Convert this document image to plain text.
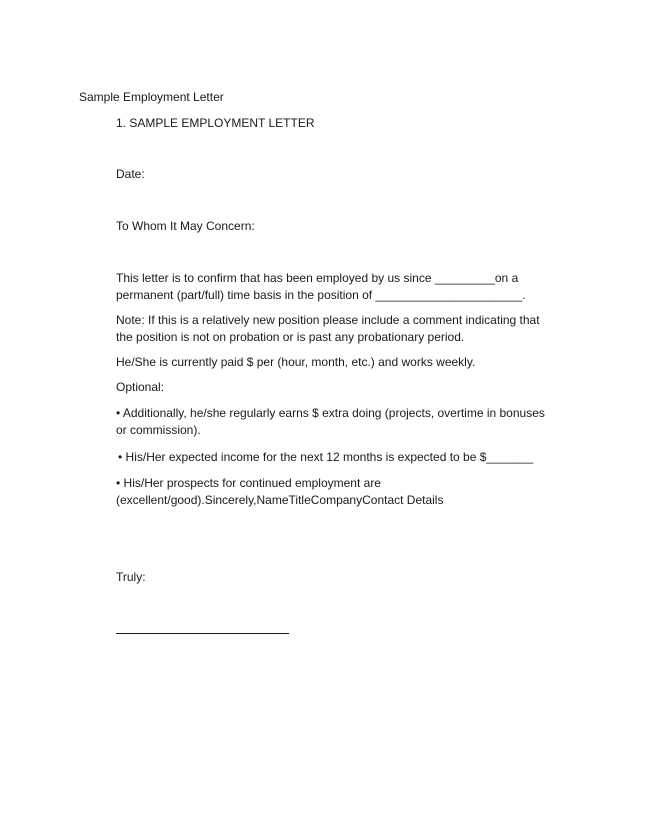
Sample Employment Letter
1. SAMPLE EMPLOYMENT LETTER
Date:
To Whom It May Concern:
This letter is to confirm that has been employed by us since _________on a
permanent (part/full) time basis in the position of ______________________.
Note: If this is a relatively new position please include a comment indicating that
the position is not on probation or is past any probationary period.
He/She is currently paid $ per (hour, month, etc.) and works weekly.
Optional:
• Additionally, he/she regularly earns $ extra doing (projects, overtime in bonuses
or commission).
• His/Her expected income for the next 12 months is expected to be $_______
• His/Her prospects for continued employment are
(excellent/good).Sincerely,NameTitleCompanyContact Details
Truly:
